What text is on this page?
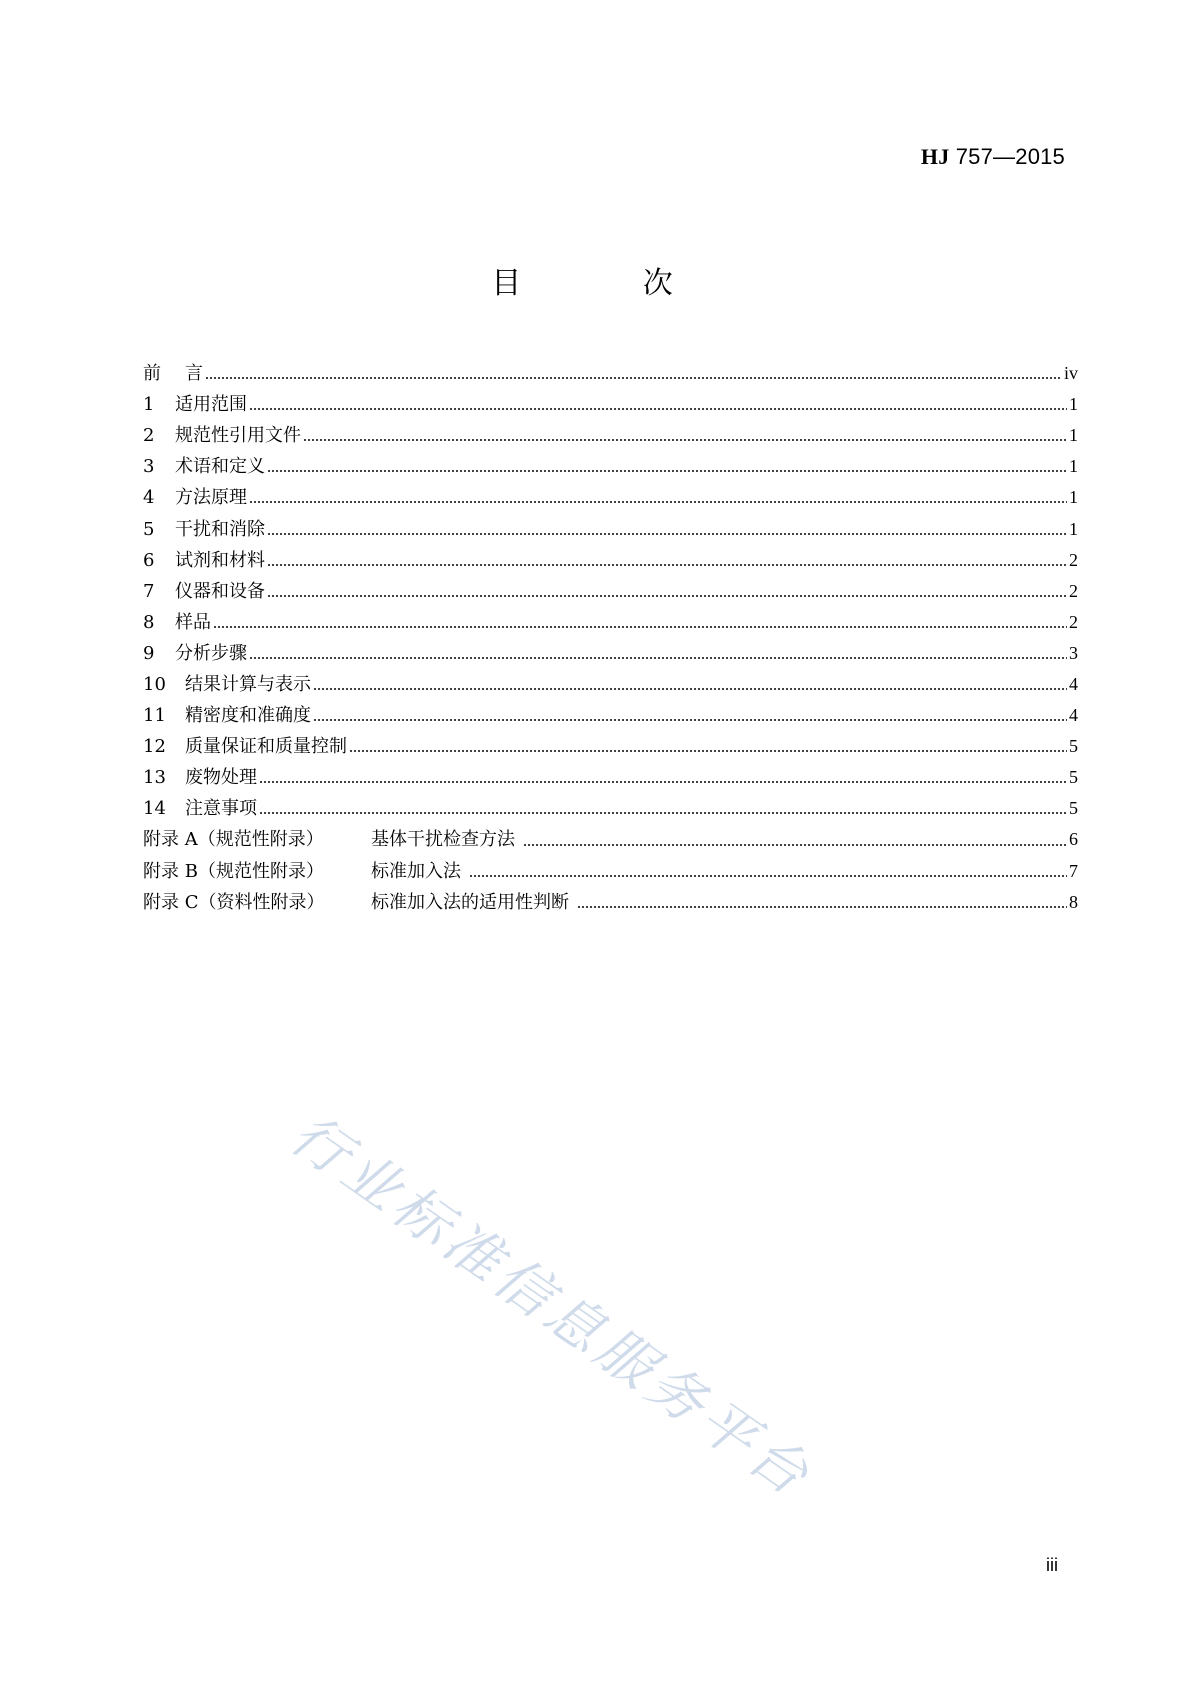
HJ 757—2015
目 次
前	言	iv
1	适用范围	1
2	规范性引用文件	1
3	术语和定义	1
4	方法原理	1
5	干扰和消除	1
6	试剂和材料	2
7	仪器和设备	2
8	样品	2
9	分析步骤	3
10	结果计算与表示	4
11	精密度和准确度	4
12	质量保证和质量控制	5
13	废物处理	5
14	注意事项	5
附录 A（规范性附录）	基体干扰检查方法	6
附录 B（规范性附录）	标准加入法	7
附录 C（资料性附录）	标准加入法的适用性判断	8
行业标准信息服务平台
iii
